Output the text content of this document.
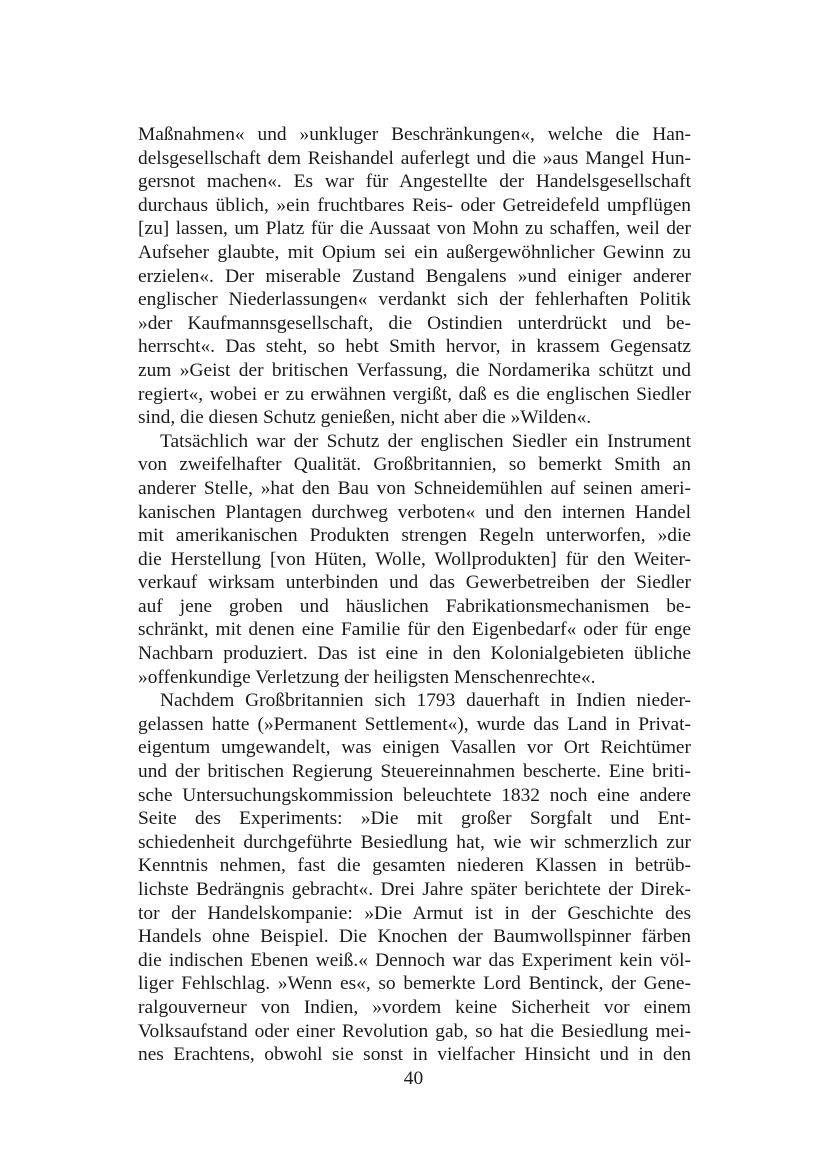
Maßnahmen« und »unkluger Beschränkungen«, welche die Han-
delsgesellschaft dem Reishandel auferlegt und die »aus Mangel Hun-
gersnot machen«. Es war für Angestellte der Handelsgesellschaft
durchaus üblich, »ein fruchtbares Reis- oder Getreidefeld umpflügen
[zu] lassen, um Platz für die Aussaat von Mohn zu schaffen, weil der
Aufseher glaubte, mit Opium sei ein außergewöhnlicher Gewinn zu
erzielen«. Der miserable Zustand Bengalens »und einiger anderer
englischer Niederlassungen« verdankt sich der fehlerhaften Politik
»der Kaufmannsgesellschaft, die Ostindien unterdrückt und be-
herrscht«. Das steht, so hebt Smith hervor, in krassem Gegensatz
zum »Geist der britischen Verfassung, die Nordamerika schützt und
regiert«, wobei er zu erwähnen vergißt, daß es die englischen Siedler
sind, die diesen Schutz genießen, nicht aber die »Wilden«.
Tatsächlich war der Schutz der englischen Siedler ein Instrument
von zweifelhafter Qualität. Großbritannien, so bemerkt Smith an
anderer Stelle, »hat den Bau von Schneidemühlen auf seinen ameri-
kanischen Plantagen durchweg verboten« und den internen Handel
mit amerikanischen Produkten strengen Regeln unterworfen, »die
die Herstellung [von Hüten, Wolle, Wollprodukten] für den Weiter-
verkauf wirksam unterbinden und das Gewerbetreiben der Siedler
auf jene groben und häuslichen Fabrikationsmechanismen be-
schränkt, mit denen eine Familie für den Eigenbedarf« oder für enge
Nachbarn produziert. Das ist eine in den Kolonialgebieten übliche
»offenkundige Verletzung der heiligsten Menschenrechte«.
Nachdem Großbritannien sich 1793 dauerhaft in Indien nieder-
gelassen hatte (»Permanent Settlement«), wurde das Land in Privat-
eigentum umgewandelt, was einigen Vasallen vor Ort Reichtümer
und der britischen Regierung Steuereinnahmen bescherte. Eine briti-
sche Untersuchungskommission beleuchtete 1832 noch eine andere
Seite des Experiments: »Die mit großer Sorgfalt und Ent-
schiedenheit durchgeführte Besiedlung hat, wie wir schmerzlich zur
Kenntnis nehmen, fast die gesamten niederen Klassen in betrüb-
lichste Bedrängnis gebracht«. Drei Jahre später berichtete der Direk-
tor der Handelskompanie: »Die Armut ist in der Geschichte des
Handels ohne Beispiel. Die Knochen der Baumwollspinner färben
die indischen Ebenen weiß.« Dennoch war das Experiment kein völ-
liger Fehlschlag. »Wenn es«, so bemerkte Lord Bentinck, der Gene-
ralgouverneur von Indien, »vordem keine Sicherheit vor einem
Volksaufstand oder einer Revolution gab, so hat die Besiedlung mei-
nes Erachtens, obwohl sie sonst in vielfacher Hinsicht und in den
40
